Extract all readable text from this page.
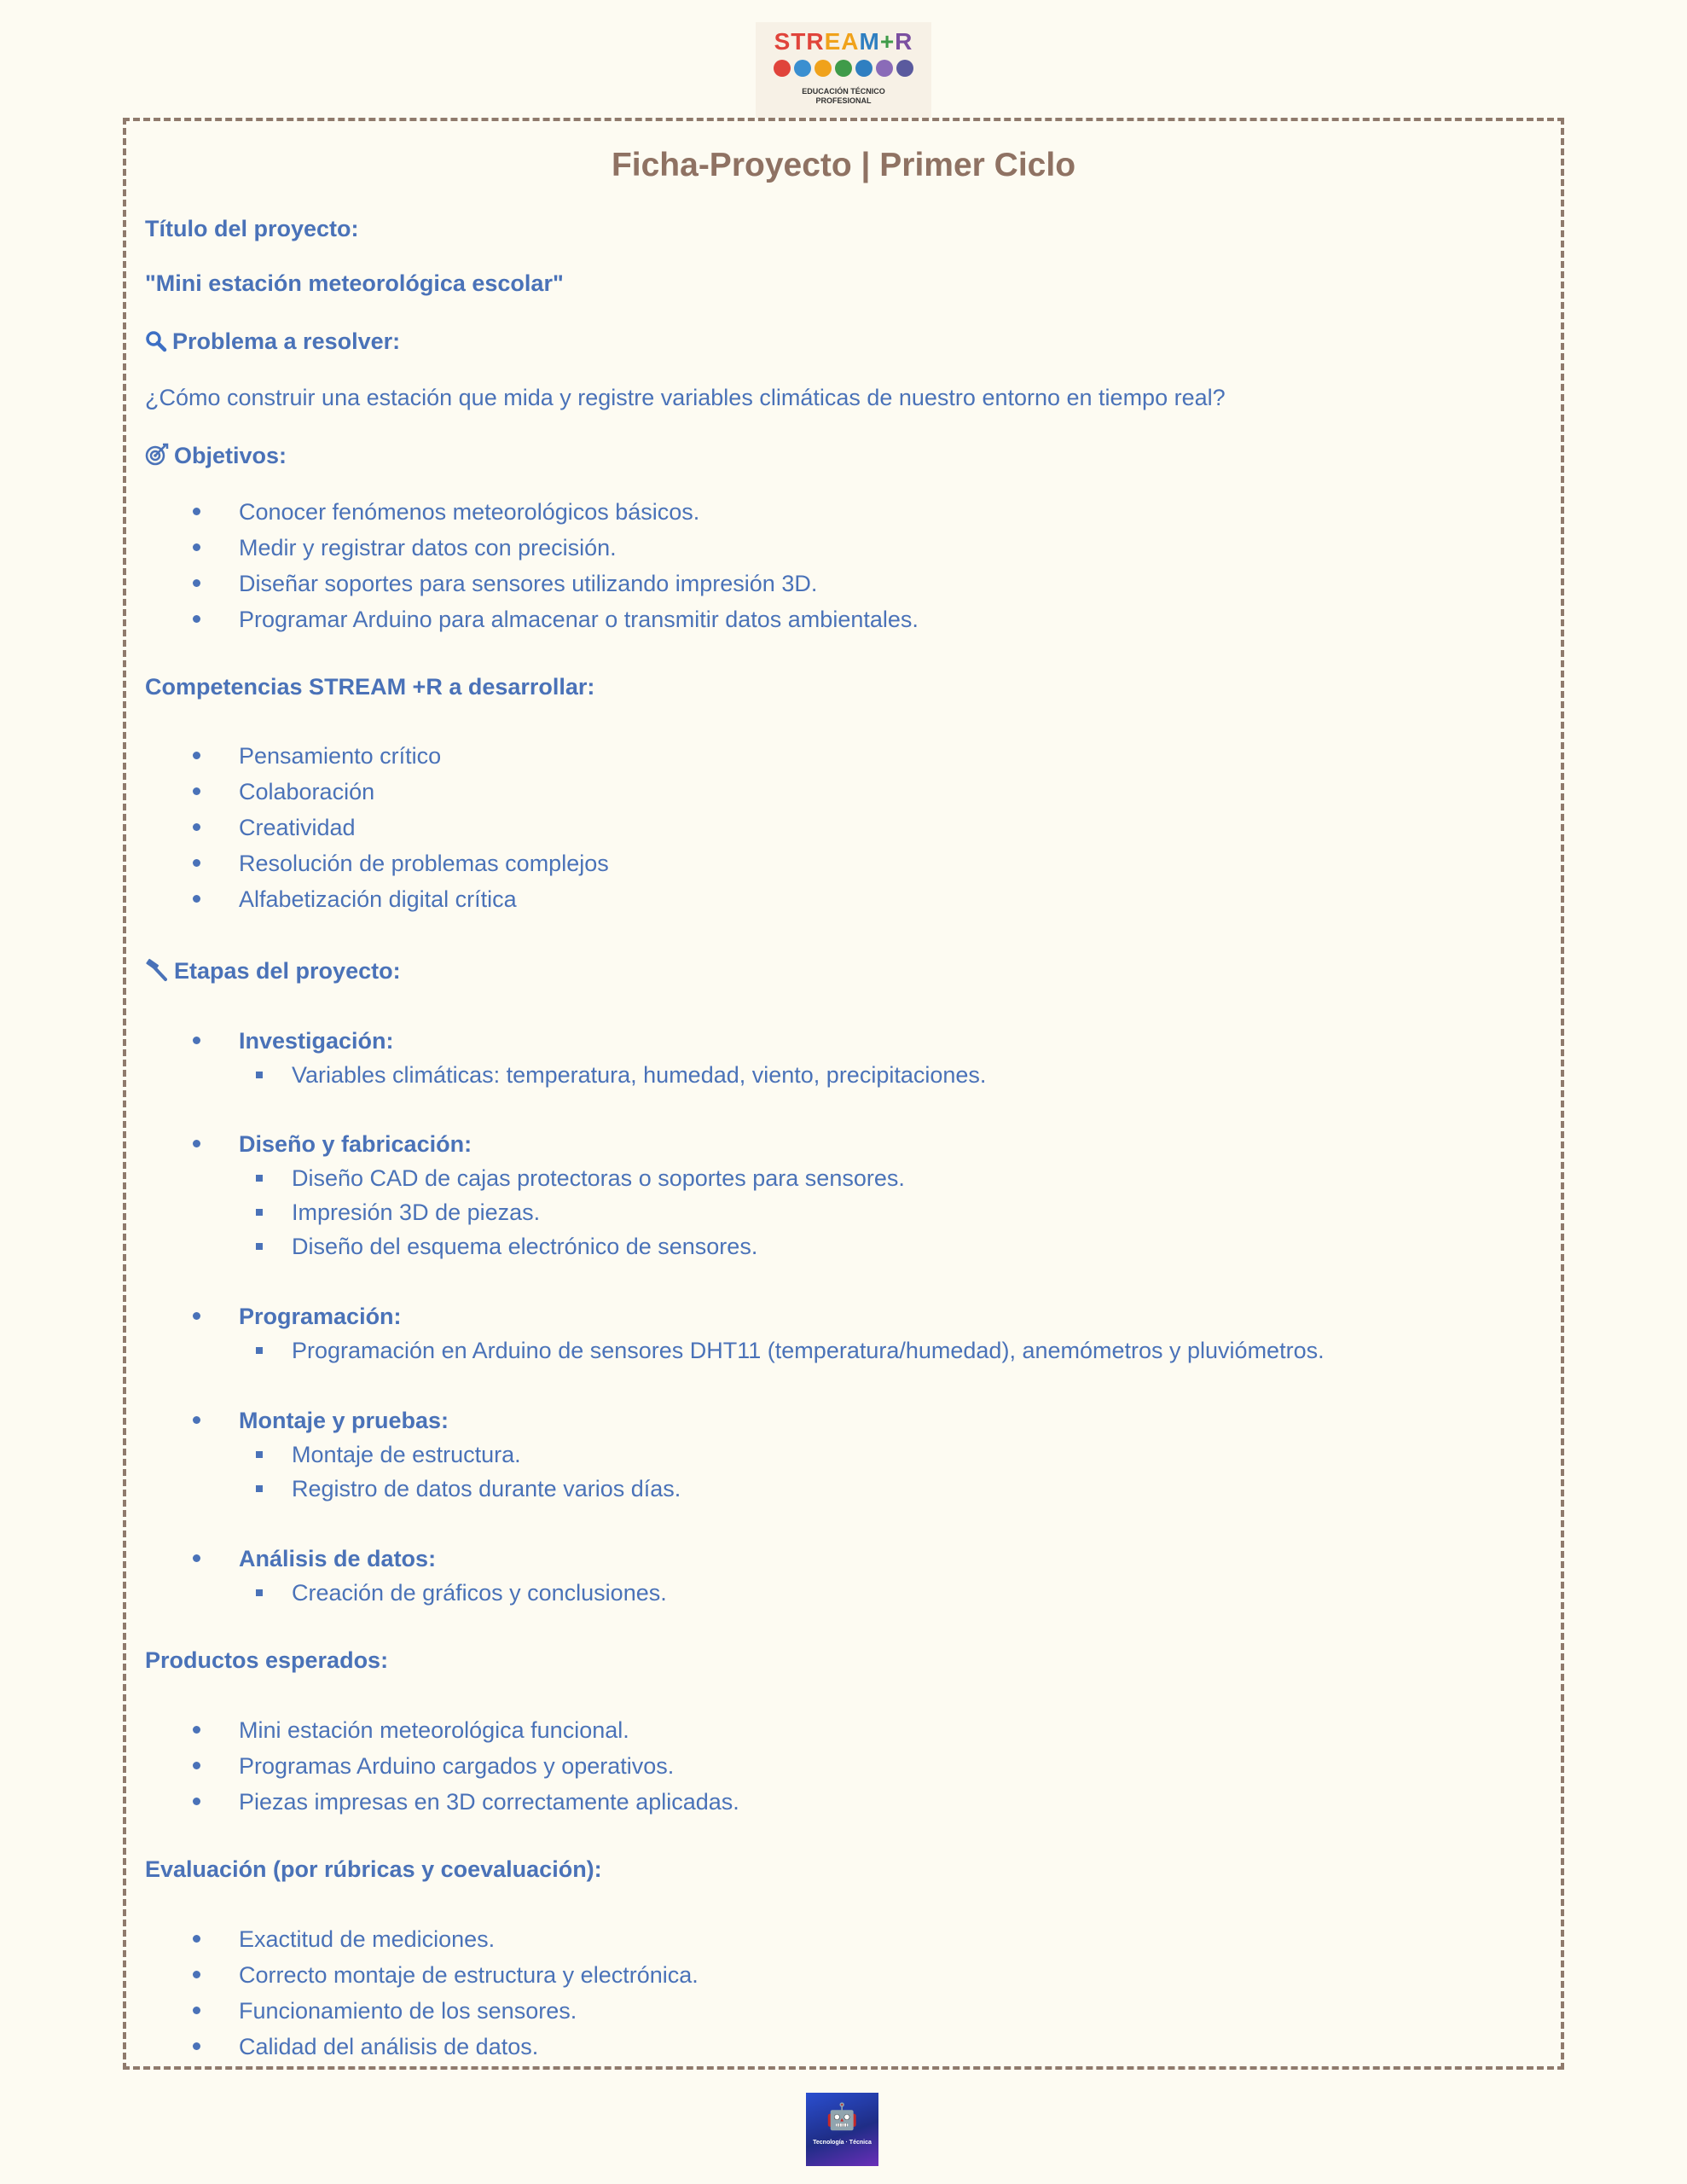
STREAM+R
EDUCACIÓN TÉCNICO
PROFESIONAL
Ficha-Proyecto | Primer Ciclo
Título del proyecto:
"Mini estación meteorológica escolar"
Problema a resolver:
¿Cómo construir una estación que mida y registre variables climáticas de nuestro entorno en tiempo real?
Objetivos:
Conocer fenómenos meteorológicos básicos.
Medir y registrar datos con precisión.
Diseñar soportes para sensores utilizando impresión 3D.
Programar Arduino para almacenar o transmitir datos ambientales.
Competencias STREAM +R a desarrollar:
Pensamiento crítico
Colaboración
Creatividad
Resolución de problemas complejos
Alfabetización digital crítica
Etapas del proyecto:
Investigación:
Variables climáticas: temperatura, humedad, viento, precipitaciones.
Diseño y fabricación:
Diseño CAD de cajas protectoras o soportes para sensores.
Impresión 3D de piezas.
Diseño del esquema electrónico de sensores.
Programación:
Programación en Arduino de sensores DHT11 (temperatura/humedad), anemómetros y pluviómetros.
Montaje y pruebas:
Montaje de estructura.
Registro de datos durante varios días.
Análisis de datos:
Creación de gráficos y conclusiones.
Productos esperados:
Mini estación meteorológica funcional.
Programas Arduino cargados y operativos.
Piezas impresas en 3D correctamente aplicadas.
Evaluación (por rúbricas y coevaluación):
Exactitud de mediciones.
Correcto montaje de estructura y electrónica.
Funcionamiento de los sensores.
Calidad del análisis de datos.
🤖
Tecnología · Técnica
